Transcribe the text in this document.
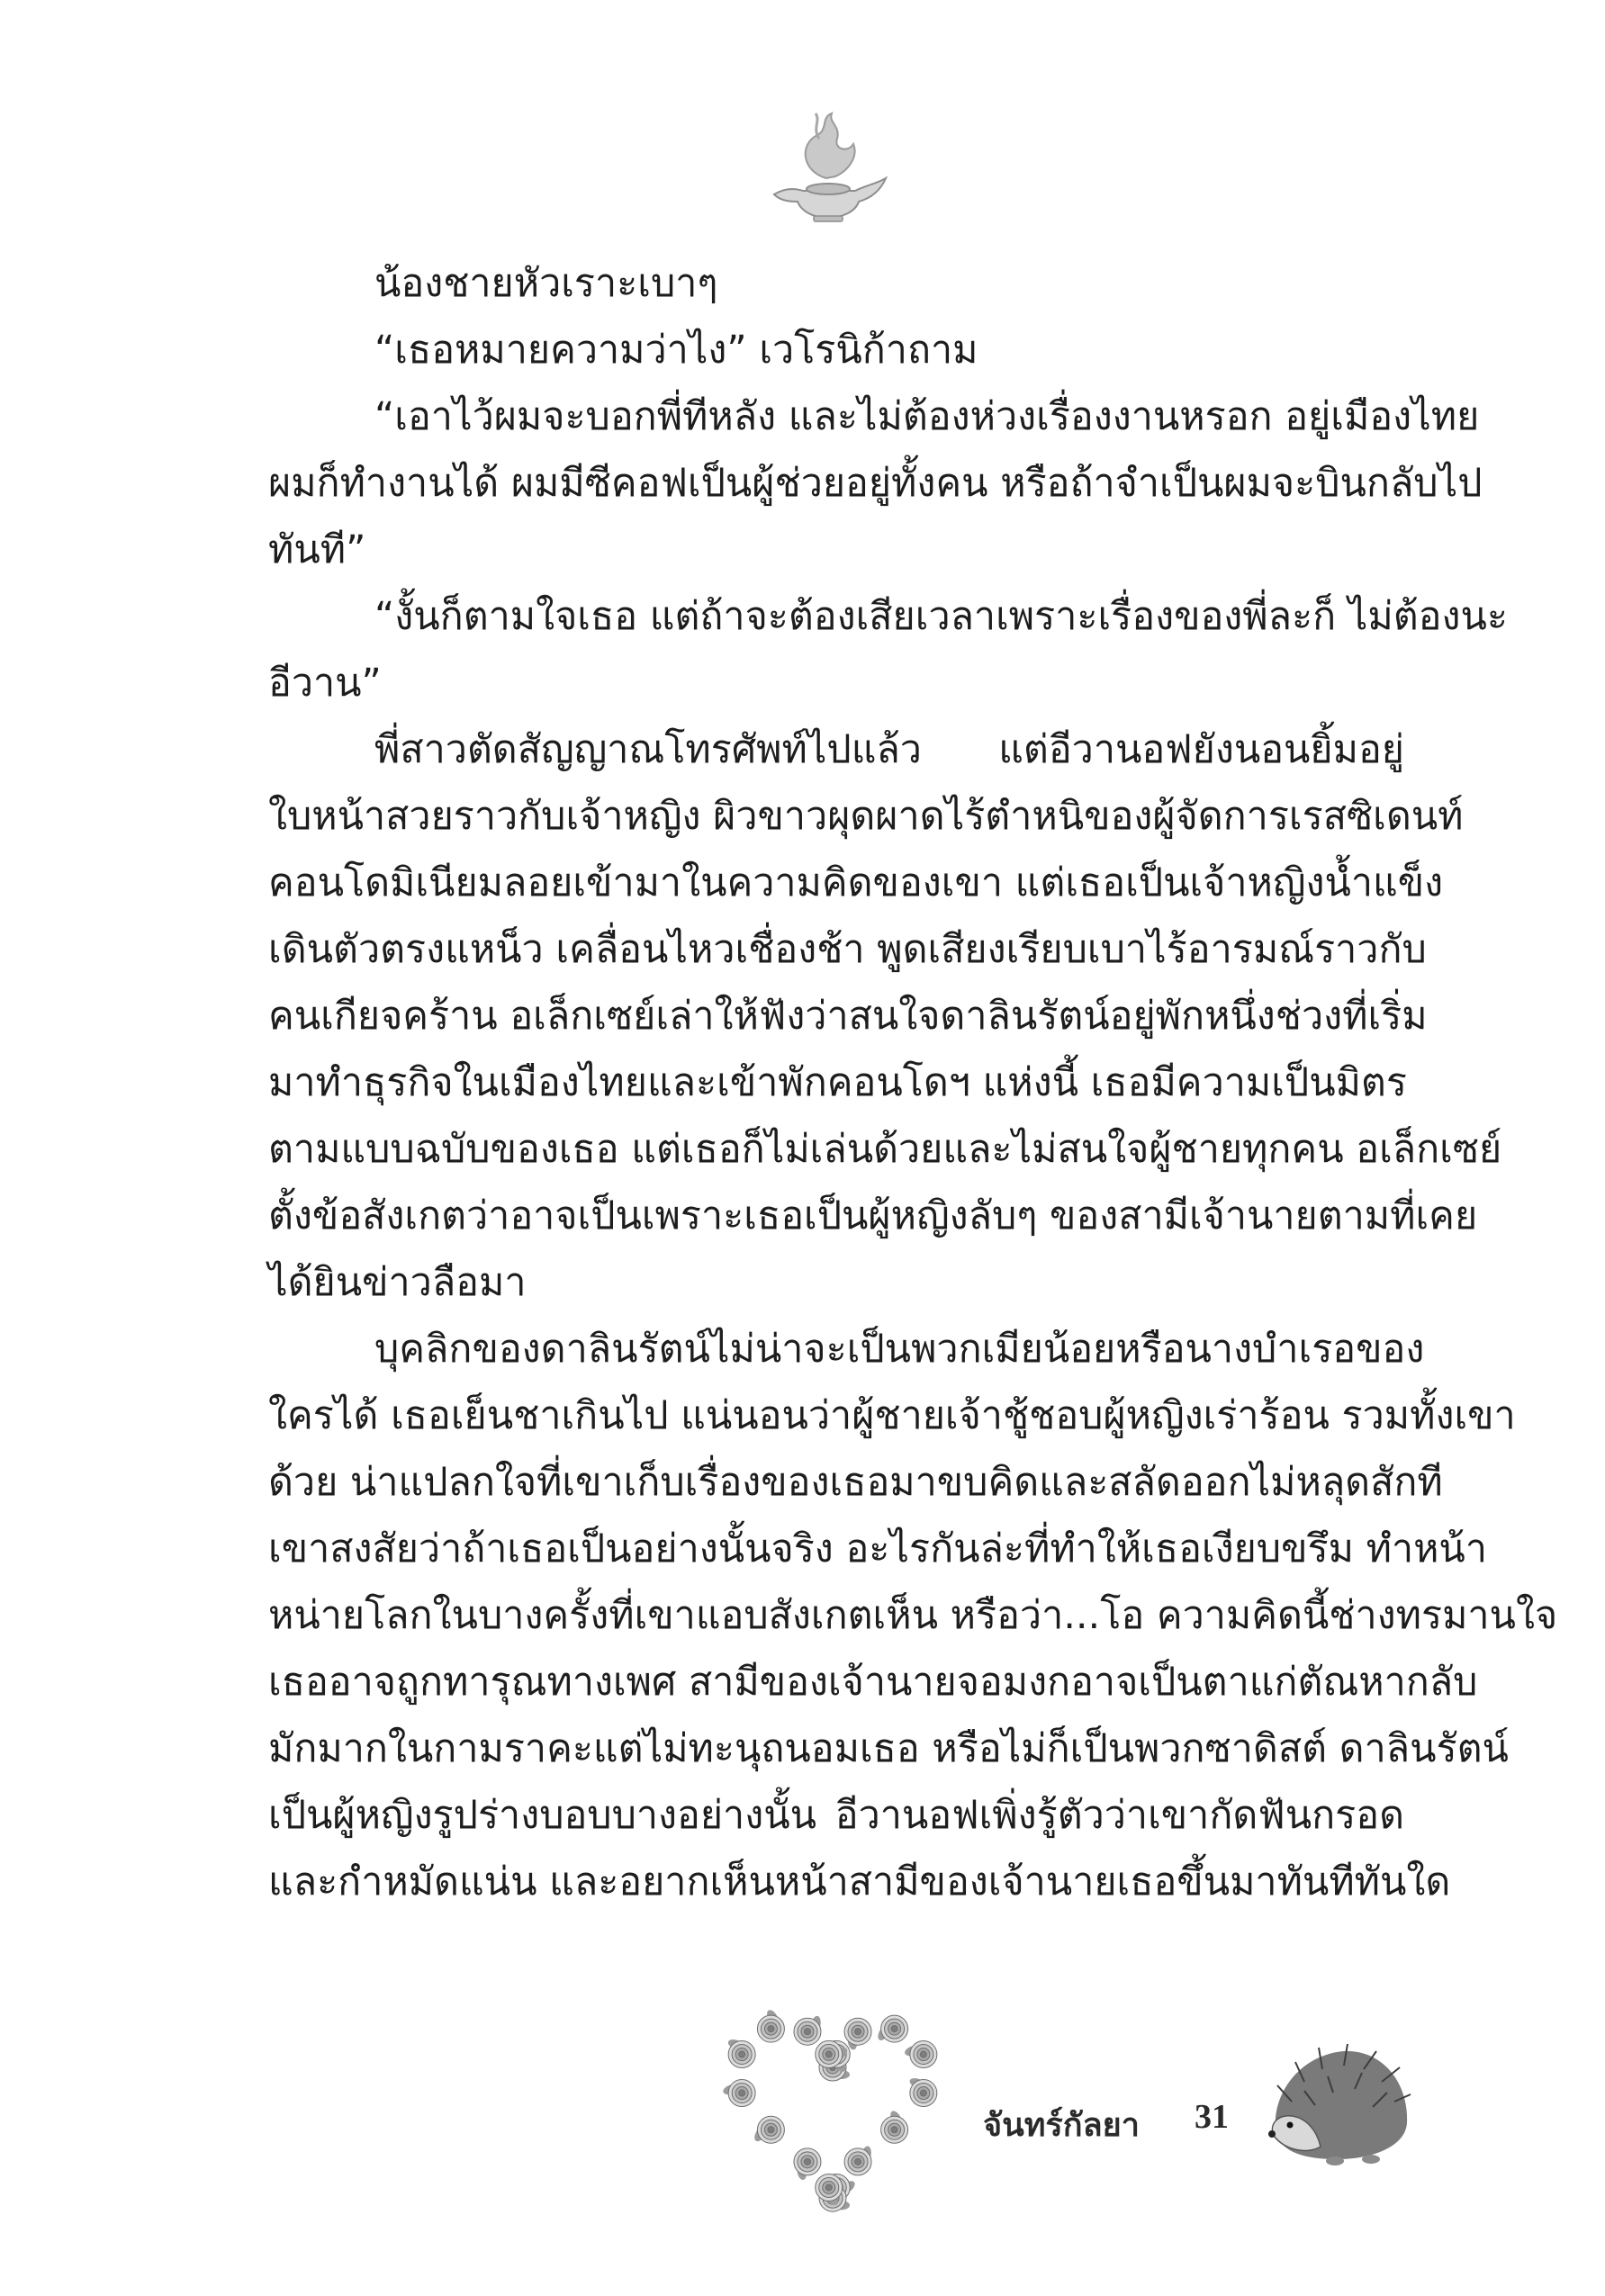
น้องชายหัวเราะเบาๆ
“เธอหมายความว่าไง” เวโรนิก้าถาม
“เอาไว้ผมจะบอกพี่ทีหลัง และไม่ต้องห่วงเรื่องงานหรอก อยู่เมืองไทย
ผมก็ทำงานได้ ผมมีซีคอฟเป็นผู้ช่วยอยู่ทั้งคน หรือถ้าจำเป็นผมจะบินกลับไป
ทันที”
“งั้นก็ตามใจเธอ แต่ถ้าจะต้องเสียเวลาเพราะเรื่องของพี่ละก็ ไม่ต้องนะ
อีวาน”
พี่สาวตัดสัญญาณโทรศัพท์ไปแล้ว แต่อีวานอฟยังนอนยิ้มอยู่
ใบหน้าสวยราวกับเจ้าหญิง ผิวขาวผุดผาดไร้ตำหนิของผู้จัดการเรสซิเดนท์
คอนโดมิเนียมลอยเข้ามาในความคิดของเขา แต่เธอเป็นเจ้าหญิงน้ำแข็ง
เดินตัวตรงแหน็ว เคลื่อนไหวเชื่องช้า พูดเสียงเรียบเบาไร้อารมณ์ราวกับ
คนเกียจคร้าน อเล็กเซย์เล่าให้ฟังว่าสนใจดาลินรัตน์อยู่พักหนึ่งช่วงที่เริ่ม
มาทำธุรกิจในเมืองไทยและเข้าพักคอนโดฯ แห่งนี้ เธอมีความเป็นมิตร
ตามแบบฉบับของเธอ แต่เธอก็ไม่เล่นด้วยและไม่สนใจผู้ชายทุกคน อเล็กเซย์
ตั้งข้อสังเกตว่าอาจเป็นเพราะเธอเป็นผู้หญิงลับๆ ของสามีเจ้านายตามที่เคย
ได้ยินข่าวลือมา
บุคลิกของดาลินรัตน์ไม่น่าจะเป็นพวกเมียน้อยหรือนางบำเรอของ
ใครได้ เธอเย็นชาเกินไป แน่นอนว่าผู้ชายเจ้าชู้ชอบผู้หญิงเร่าร้อน รวมทั้งเขา
ด้วย น่าแปลกใจที่เขาเก็บเรื่องของเธอมาขบคิดและสลัดออกไม่หลุดสักที
เขาสงสัยว่าถ้าเธอเป็นอย่างนั้นจริง อะไรกันล่ะที่ทำให้เธอเงียบขรึม ทำหน้า
หน่ายโลกในบางครั้งที่เขาแอบสังเกตเห็น หรือว่า...โอ ความคิดนี้ช่างทรมานใจ
เธออาจถูกทารุณทางเพศ สามีของเจ้านายจอมงกอาจเป็นตาแก่ตัณหากลับ
มักมากในกามราคะแต่ไม่ทะนุถนอมเธอ หรือไม่ก็เป็นพวกซาดิสต์ ดาลินรัตน์
เป็นผู้หญิงรูปร่างบอบบางอย่างนั้น อีวานอฟเพิ่งรู้ตัวว่าเขากัดฟันกรอด
และกำหมัดแน่น และอยากเห็นหน้าสามีของเจ้านายเธอขึ้นมาทันทีทันใด
จันทร์กัลยา 31
